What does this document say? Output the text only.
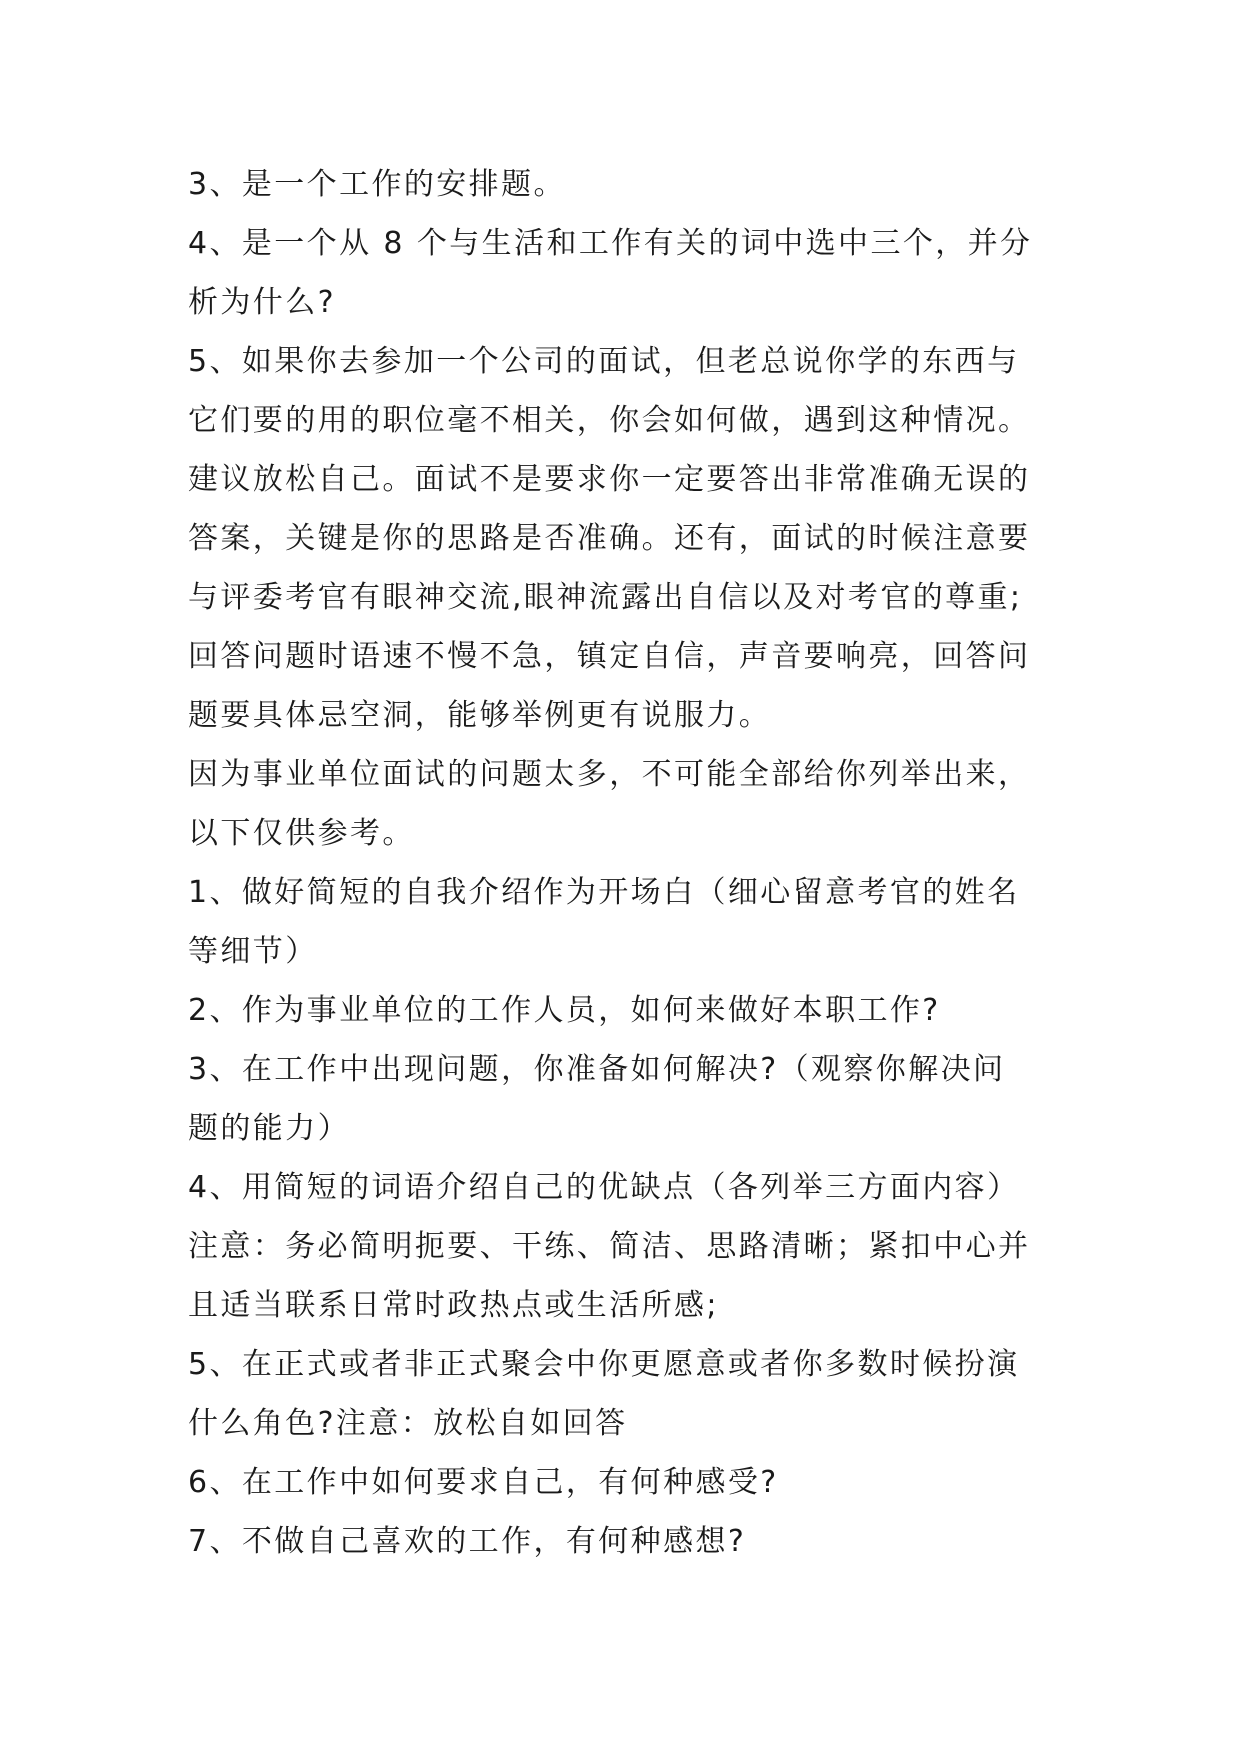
3、是一个工作的安排题。
4、是一个从 8 个与生活和工作有关的词中选中三个，并分
析为什么?
5、如果你去参加一个公司的面试，但老总说你学的东西与
它们要的用的职位毫不相关，你会如何做，遇到这种情况。
建议放松自己。面试不是要求你一定要答出非常准确无误的
答案，关键是你的思路是否准确。还有，面试的时候注意要
与评委考官有眼神交流,眼神流露出自信以及对考官的尊重;
回答问题时语速不慢不急，镇定自信，声音要响亮，回答问
题要具体忌空洞，能够举例更有说服力。
因为事业单位面试的问题太多，不可能全部给你列举出来，
以下仅供参考。
1、做好简短的自我介绍作为开场白（细心留意考官的姓名
等细节）
2、作为事业单位的工作人员，如何来做好本职工作?
3、在工作中出现问题，你准备如何解决?（观察你解决问
题的能力）
4、用简短的词语介绍自己的优缺点（各列举三方面内容）
注意：务必简明扼要、干练、简洁、思路清晰；紧扣中心并
且适当联系日常时政热点或生活所感;
5、在正式或者非正式聚会中你更愿意或者你多数时候扮演
什么角色?注意：放松自如回答
6、在工作中如何要求自己，有何种感受?
7、不做自己喜欢的工作，有何种感想?
